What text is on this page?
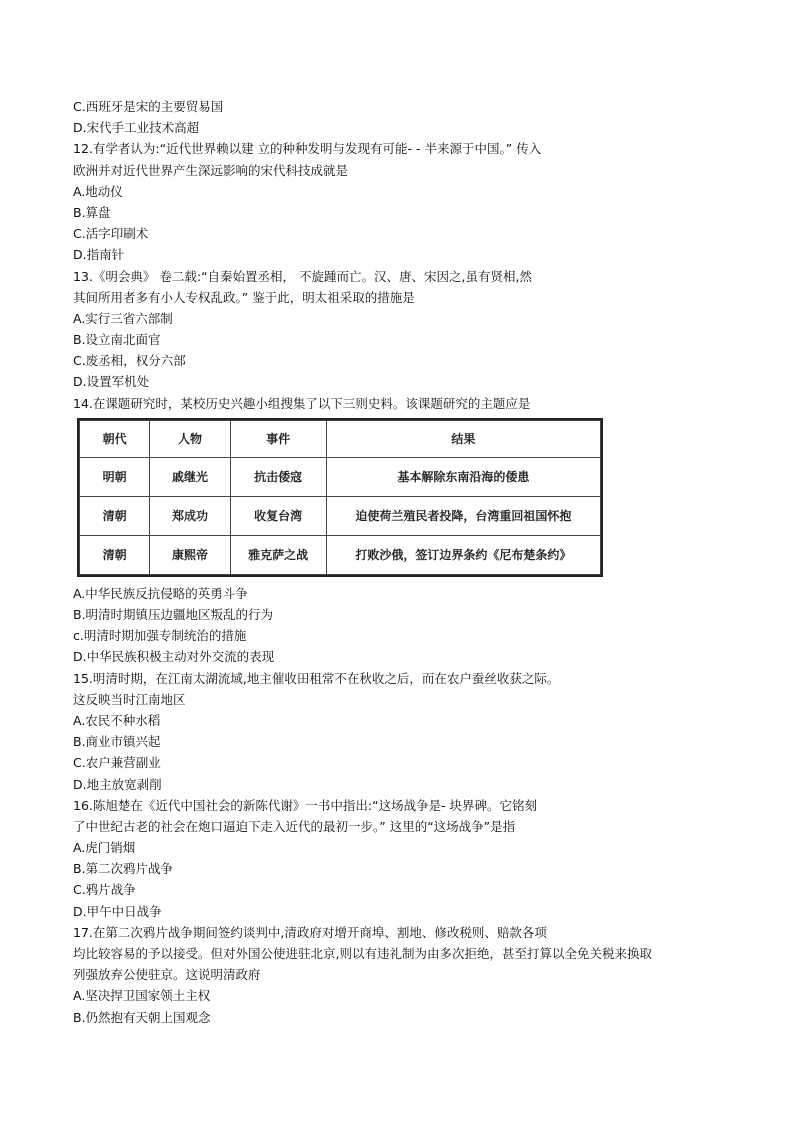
C.西班牙是宋的主要贸易国
D.宋代手工业技术高超
12.有学者认为:“近代世界赖以建 立的种种发明与发现有可能- - 半来源于中国。” 传入
欧洲并对近代世界产生深远影响的宋代科技成就是
A.地动仪
B.算盘
C.活字印刷术
D.指南针
13.《明会典》 卷二载:“自秦始置丞相， 不旋踵而亡。汉、唐、宋因之,虽有贤相,然
其间所用者多有小人专权乱政。” 鉴于此，明太祖采取的措施是
A.实行三省六部制
B.设立南北面官
C.废丞相，权分六部
D.设置军机处
14.在课题研究时，某校历史兴趣小组搜集了以下三则史料。该课题研究的主题应是
朝代	人物	事件	结果
明朝	戚继光	抗击倭寇	基本解除东南沿海的倭患
清朝	郑成功	收复台湾	迫使荷兰殖民者投降，台湾重回祖国怀抱
清朝	康熙帝	雅克萨之战	打败沙俄，签订边界条约《尼布楚条约》
A.中华民族反抗侵略的英勇斗争
B.明清时期镇压边疆地区叛乱的行为
c.明清时期加强专制统治的措施
D.中华民族积极主动对外交流的表现
15.明清时期，在江南太湖流域,地主催收田租常不在秋收之后，而在农户蚕丝收获之际。
这反映当时江南地区
A.农民不种水稻
B.商业市镇兴起
C.农户兼营副业
D.地主放宽剥削
16.陈旭楚在《近代中国社会的新陈代谢》一书中指出:“这场战争是- 块界碑。它铭刻
了中世纪古老的社会在炮口逼迫下走入近代的最初一步。” 这里的“这场战争”是指
A.虎门销烟
B.第二次鸦片战争
C.鸦片战争
D.甲午中日战争
17.在第二次鸦片战争期间签约谈判中,清政府对增开商埠、割地、修改税则、赔款各项
均比较容易的予以接受。但对外国公使进驻北京,则以有违礼制为由多次拒绝，甚至打算以全免关税来换取
列强放弃公使驻京。这说明清政府
A.坚决捍卫国家领土主权
B.仍然抱有天朝上国观念
